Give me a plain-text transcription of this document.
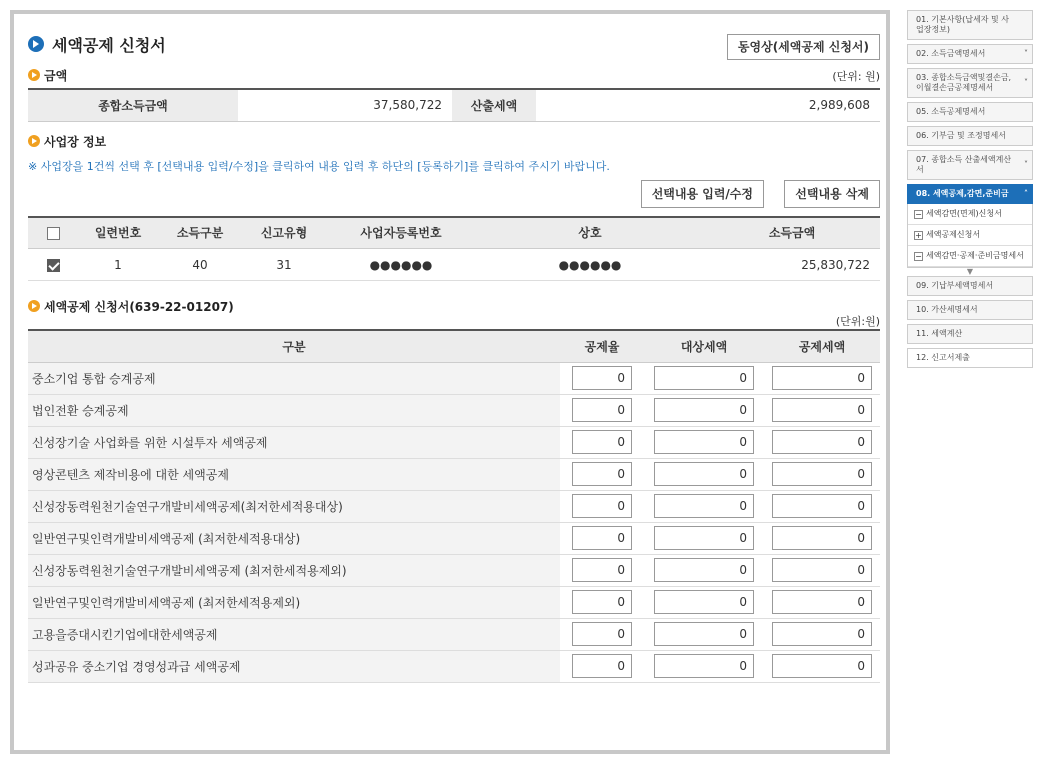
세액공제 신청서	동영상(세액공제 신청서)
금액	(단위: 원)
종합소득금액	37,580,722	산출세액	2,989,608
사업장 정보
※ 사업장을 1건씩 선택 후 [선택내용 입력/수정]을 클릭하여 내용 입력 후 하단의 [등록하기]를 클릭하여 주시기 바랍니다.
선택내용 입력/수정	선택내용 삭제
	일련번호	소득구분	신고유형	사업자등록번호	상호	소득금액
	1	40	31	●●●●●●	●●●●●●	25,830,722
세액공제 신청서(639-22-01207)
(단위:원)
구분	공제율	대상세액	공제세액
중소기업 통합 승계공제	0	0	0
법인전환 승계공제	0	0	0
신성장기술 사업화를 위한 시설투자 세액공제	0	0	0
영상콘텐츠 제작비용에 대한 세액공제	0	0	0
신성장동력원천기술연구개발비세액공제(최저한세적용대상)	0	0	0
일반연구및인력개발비세액공제 (최저한세적용대상)	0	0	0
신성장동력원천기술연구개발비세액공제 (최저한세적용제외)	0	0	0
일반연구및인력개발비세액공제 (최저한세적용제외)	0	0	0
고용을증대시킨기업에대한세액공제	0	0	0
성과공유 중소기업 경영성과급 세액공제	0	0	0
01. 기본사항(납세자 및 사업장정보)
02. 소득금액명세서	˅
03. 종합소득금액및결손금,이월결손금공제명세서
˅
05. 소득공제명세서
06. 기부금 및 조정명세서
07. 종합소득 산출세액계산서
˅
08. 세액공제,감면,준비금 ˄
− 세액감면(면제)신청서
+ 세액공제신청서
− 세액감면·공제·준비금명세서
▼
09. 기납부세액명세서
10. 가산세명세서
11. 세액계산
12. 신고서제출
